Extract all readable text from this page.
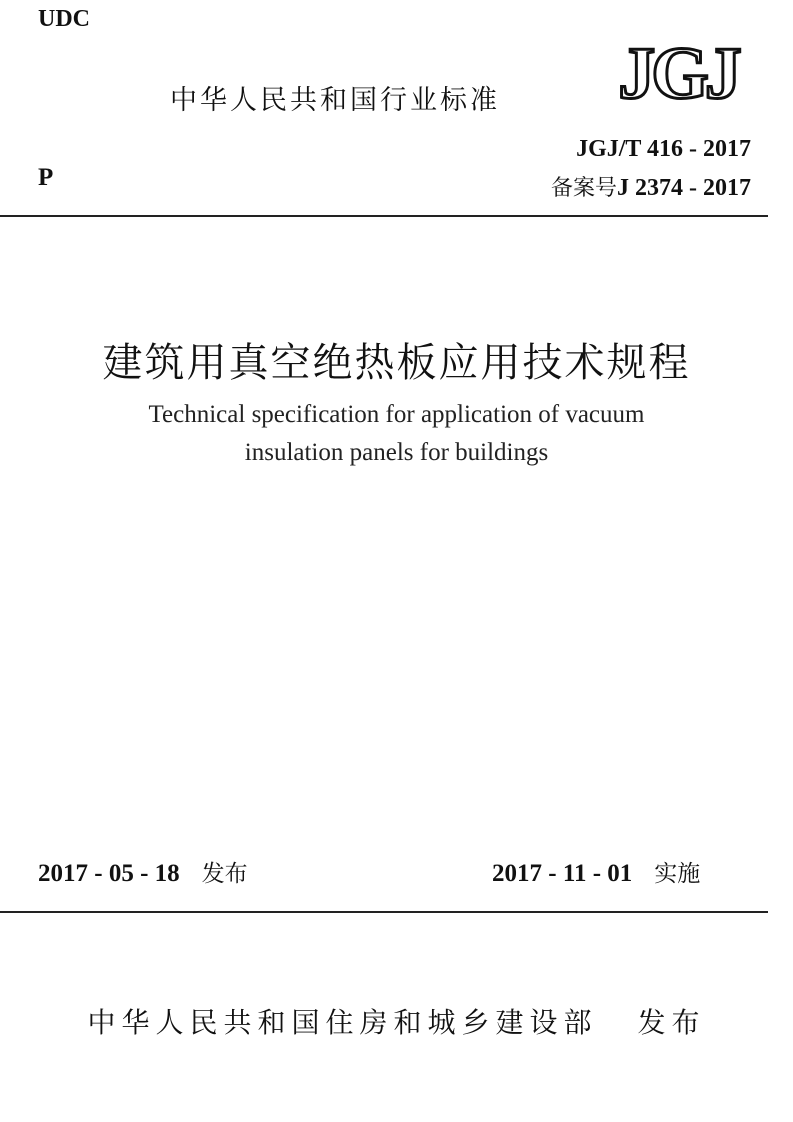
UDC
中华人民共和国行业标准 JGJ
JGJ/T 416 - 2017
备案号J 2374 - 2017
P
建筑用真空绝热板应用技术规程
Technical specification for application of vacuum
insulation panels for buildings
2017 - 05 - 18 发布	2017 - 11 - 01 实施
中华人民共和国住房和城乡建设部 发布
